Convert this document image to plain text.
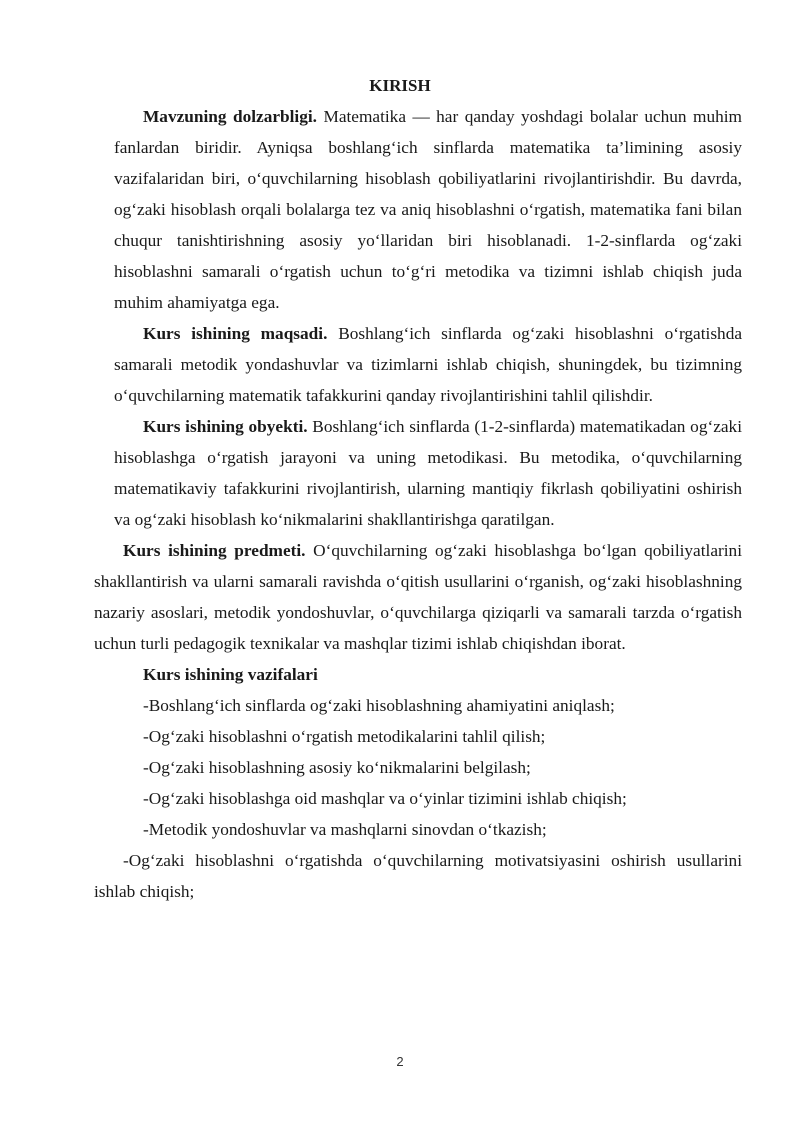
KIRISH

Mavzuning dolzarbligi. Matematika — har qanday yoshdagi bolalar uchun muhim fanlardan biridir. Ayniqsa boshlang‘ich sinflarda matematika ta’limining asosiy vazifalaridan biri, o‘quvchilarning hisoblash qobiliyatlarini rivojlantirishdir. Bu davrda, og‘zaki hisoblash orqali bolalarga tez va aniq hisoblashni o‘rgatish, matematika fani bilan chuqur tanishtirishning asosiy yo‘llaridan biri hisoblanadi. 1-2-sinflarda og‘zaki hisoblashni samarali o‘rgatish uchun to‘g‘ri metodika va tizimni ishlab chiqish juda muhim ahamiyatga ega.

Kurs ishining maqsadi. Boshlang‘ich sinflarda og‘zaki hisoblashni o‘rgatishda samarali metodik yondashuvlar va tizimlarni ishlab chiqish, shuningdek, bu tizimning o‘quvchilarning matematik tafakkurini qanday rivojlantirishini tahlil qilishdir.

Kurs ishining obyekti. Boshlang‘ich sinflarda (1-2-sinflarda) matematikadan og‘zaki hisoblashga o‘rgatish jarayoni va uning metodikasi. Bu metodika, o‘quvchilarning matematikaviy tafakkurini rivojlantirish, ularning mantiqiy fikrlash qobiliyatini oshirish va og‘zaki hisoblash ko‘nikmalarini shakllantirishga qaratilgan.

Kurs ishining predmeti. O‘quvchilarning og‘zaki hisoblashga bo‘lgan qobiliyatlarini shakllantirish va ularni samarali ravishda o‘qitish usullarini o‘rganish, og‘zaki hisoblashning nazariy asoslari, metodik yondoshuvlar, o‘quvchilarga qiziqarli va samarali tarzda o‘rgatish uchun turli pedagogik texnikalar va mashqlar tizimi ishlab chiqishdan iborat.

Kurs ishining vazifalari

-Boshlang‘ich sinflarda og‘zaki hisoblashning ahamiyatini aniqlash;

-Og‘zaki hisoblashni o‘rgatish metodikalarini tahlil qilish;

-Og‘zaki hisoblashning asosiy ko‘nikmalarini belgilash;

-Og‘zaki hisoblashga oid mashqlar va o‘yinlar tizimini ishlab chiqish;

-Metodik yondoshuvlar va mashqlarni sinovdan o‘tkazish;

-Og‘zaki hisoblashni o‘rgatishda o‘quvchilarning motivatsiyasini oshirish usullarini ishlab chiqish;

2
